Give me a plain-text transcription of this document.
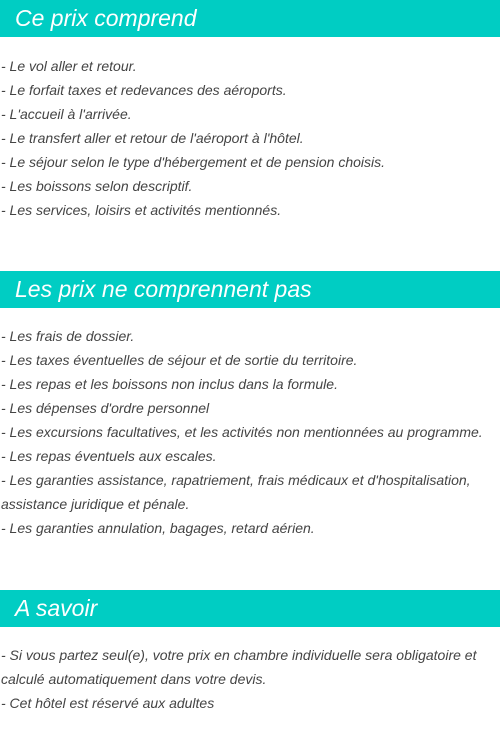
Ce prix comprend
- Le vol aller et retour.
- Le forfait taxes et redevances des aéroports.
- L'accueil à l'arrivée.
- Le transfert aller et retour de l'aéroport à l'hôtel.
- Le séjour selon le type d'hébergement et de pension choisis.
- Les boissons selon descriptif.
- Les services, loisirs et activités mentionnés.
Les prix ne comprennent pas
- Les frais de dossier.
- Les taxes éventuelles de séjour et de sortie du territoire.
- Les repas et les boissons non inclus dans la formule.
- Les dépenses d'ordre personnel
- Les excursions facultatives, et les activités non mentionnées au programme.
- Les repas éventuels aux escales.
- Les garanties assistance, rapatriement, frais médicaux et d'hospitalisation, assistance juridique et pénale.
- Les garanties annulation, bagages, retard aérien.
A savoir
- Si vous partez seul(e), votre prix en chambre individuelle sera obligatoire et calculé automatiquement dans votre devis.
- Cet hôtel est réservé aux adultes
